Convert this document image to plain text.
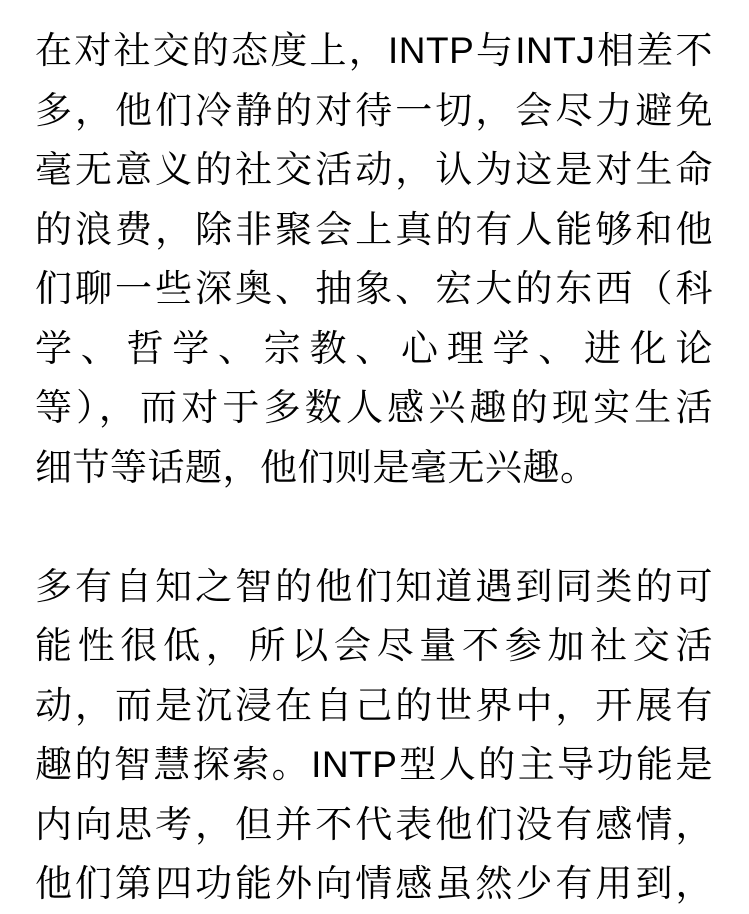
在对社交的态度上，INTP与INTJ相差不
多，他们冷静的对待一切，会尽力避免
毫无意义的社交活动，认为这是对生命
的浪费，除非聚会上真的有人能够和他
们聊一些深奥、抽象、宏大的东西（科
学、哲学、宗教、心理学、进化论
等），而对于多数人感兴趣的现实生活
细节等话题，他们则是毫无兴趣。
多有自知之智的他们知道遇到同类的可
能性很低，所以会尽量不参加社交活
动，而是沉浸在自己的世界中，开展有
趣的智慧探索。INTP型人的主导功能是
内向思考，但并不代表他们没有感情，
他们第四功能外向情感虽然少有用到，
